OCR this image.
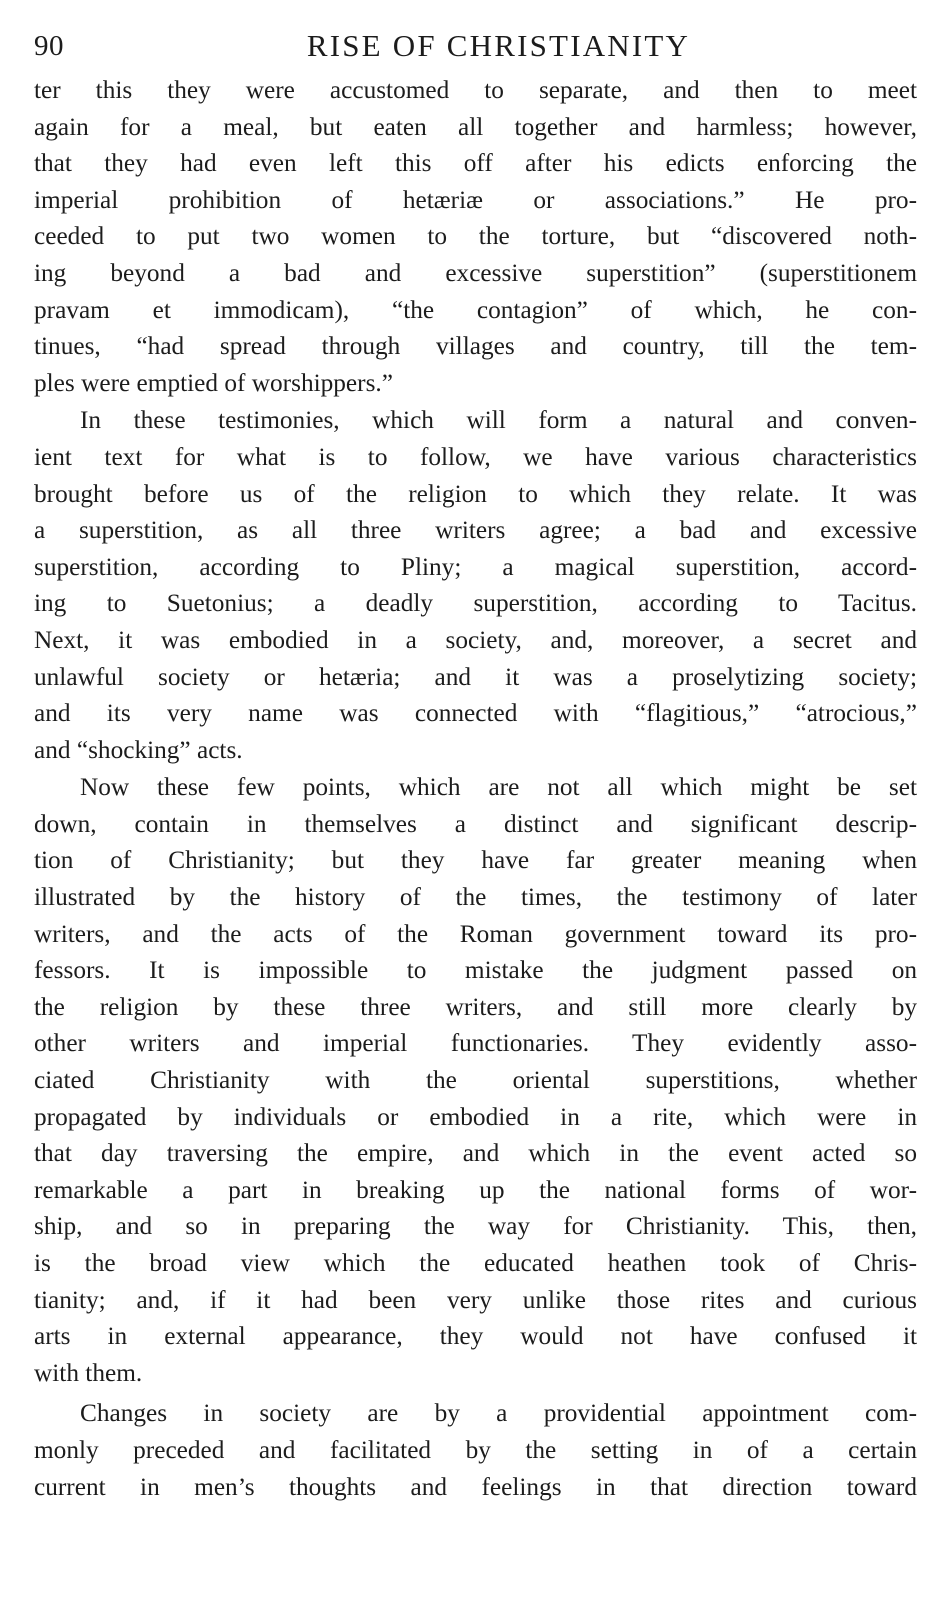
90	RISE OF CHRISTIANITY

ter this they were accustomed to separate, and then to meet
again for a meal, but eaten all together and harmless; however,
that they had even left this off after his edicts enforcing the
imperial prohibition of hetæriæ or associations.” He pro-
ceeded to put two women to the torture, but “discovered noth-
ing beyond a bad and excessive superstition” (superstitionem
pravam et immodicam), “the contagion” of which, he con-
tinues, “had spread through villages and country, till the tem-
ples were emptied of worshippers.”

In these testimonies, which will form a natural and conven-
ient text for what is to follow, we have various characteristics
brought before us of the religion to which they relate. It was
a superstition, as all three writers agree; a bad and excessive
superstition, according to Pliny; a magical superstition, accord-
ing to Suetonius; a deadly superstition, according to Tacitus.
Next, it was embodied in a society, and, moreover, a secret and
unlawful society or hetæria; and it was a proselytizing society;
and its very name was connected with “flagitious,” “atrocious,”
and “shocking” acts.

Now these few points, which are not all which might be set
down, contain in themselves a distinct and significant descrip-
tion of Christianity; but they have far greater meaning when
illustrated by the history of the times, the testimony of later
writers, and the acts of the Roman government toward its pro-
fessors. It is impossible to mistake the judgment passed on
the religion by these three writers, and still more clearly by
other writers and imperial functionaries. They evidently asso-
ciated Christianity with the oriental superstitions, whether
propagated by individuals or embodied in a rite, which were in
that day traversing the empire, and which in the event acted so
remarkable a part in breaking up the national forms of wor-
ship, and so in preparing the way for Christianity. This, then,
is the broad view which the educated heathen took of Chris-
tianity; and, if it had been very unlike those rites and curious
arts in external appearance, they would not have confused it
with them.

Changes in society are by a providential appointment com-
monly preceded and facilitated by the setting in of a certain
current in men’s thoughts and feelings in that direction toward
